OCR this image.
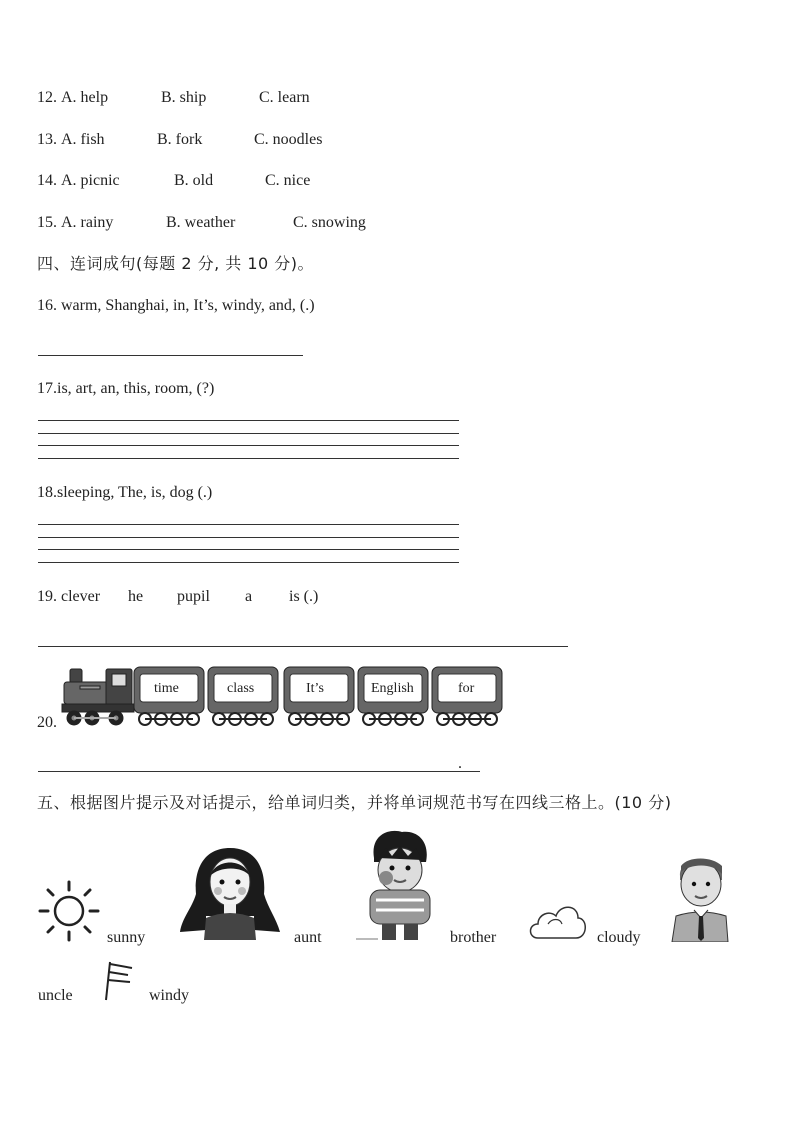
12. A. help	B. ship	C. learn
13. A. fish	B. fork	C. noodles
14. A. picnic	B. old	C. nice
15. A. rainy	B. weather	C. snowing
四、连词成句(每题 2 分, 共 10 分)。
16. warm, Shanghai, in, It’s, windy, and, (.)
17.is, art, an, this, room, (?)
18.sleeping, The, is, dog (.)
19. clever he pupil a is (.)
20.
time	class	It’s	English	for
.
五、根据图片提示及对话提示，给单词归类，并将单词规范书写在四线三格上。(10 分)
sunny	aunt	brother	cloudy
uncle	windy
